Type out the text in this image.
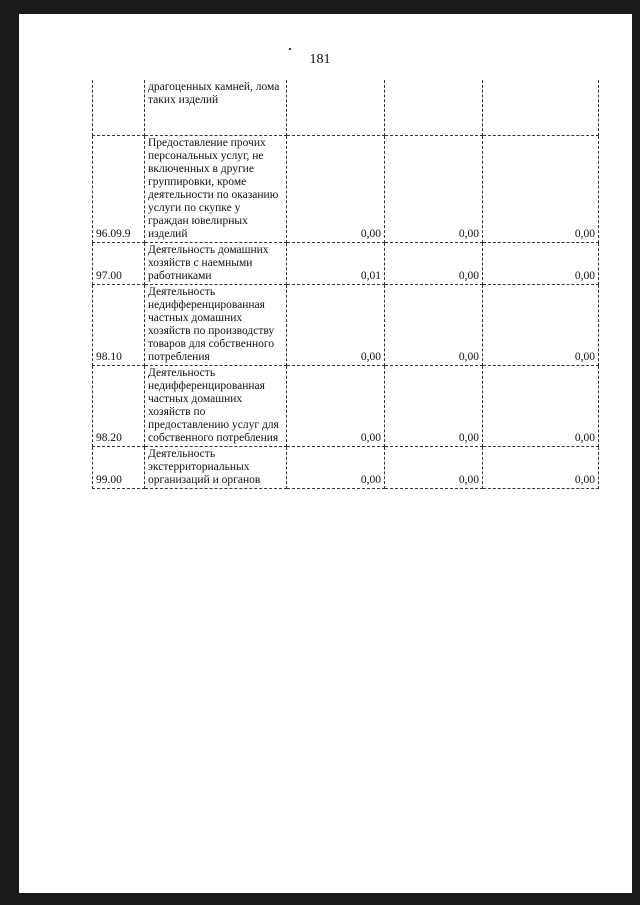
181
	драгоценных камней, лома таких изделий			
96.09.9	Предоставление прочих персональных услуг, не включенных в другие группировки, кроме деятельности по оказанию услуги по скупке у граждан ювелирных изделий	0,00	0,00	0,00
97.00	Деятельность домашних хозяйств с наемными работниками	0,01	0,00	0,00
98.10	Деятельность недифференцированная частных домашних хозяйств по производству товаров для собственного потребления	0,00	0,00	0,00
98.20	Деятельность недифференцированная частных домашних хозяйств по предоставлению услуг для собственного потребления	0,00	0,00	0,00
99.00	Деятельность экстерриториальных организаций и органов	0,00	0,00	0,00
